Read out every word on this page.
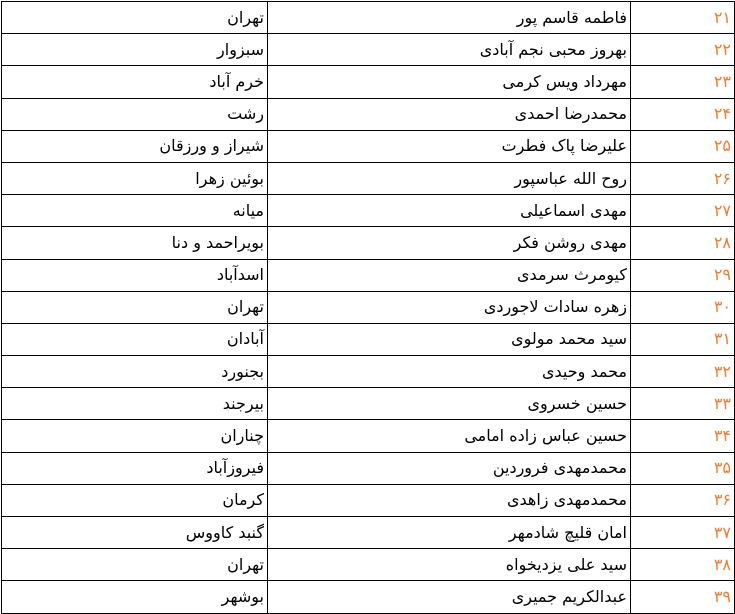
۲۱	فاطمه قاسم پور	تهران
۲۲	بهروز محبی نجم آبادی	سبزوار
۲۳	مهرداد ویس کرمی	خرم آباد
۲۴	محمدرضا احمدی	رشت
۲۵	علیرضا پاک فطرت	شیراز و ورزقان
۲۶	روح الله عباسپور	بوئین زهرا
۲۷	مهدی اسماعیلی	میانه
۲۸	مهدی روشن فکر	بویراحمد و دنا
۲۹	کیومرث سرمدی	اسدآباد
۳۰	زهره سادات لاجوردی	تهران
۳۱	سید محمد مولوی	آبادان
۳۲	محمد وحیدی	بجنورد
۳۳	حسین خسروی	بیرجند
۳۴	حسین عباس زاده امامی	چناران
۳۵	محمدمهدی فروردین	فیروزآباد
۳۶	محمدمهدی زاهدی	کرمان
۳۷	امان قلیچ شادمهر	گنبد کاووس
۳۸	سید علی یزدیخواه	تهران
۳۹	عبدالکریم جمیری	بوشهر
